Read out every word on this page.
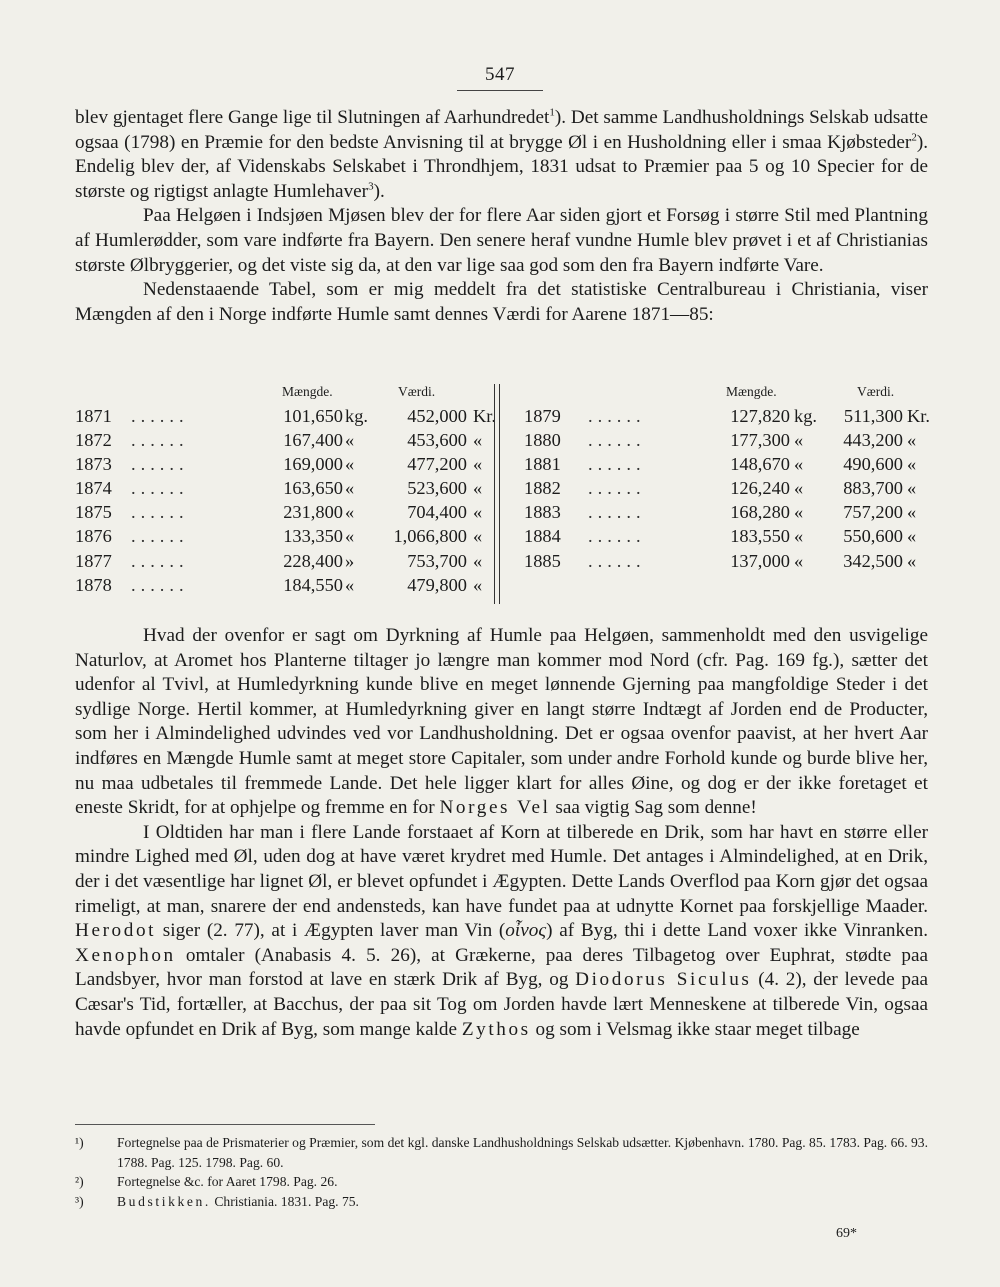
547

blev gjentaget flere Gange lige til Slutningen af Aarhundredet$^1$). Det samme Landhusholdnings Selskab udsatte ogsaa (1798) en Præmie for den bedste Anvisning til at brygge Øl i en Husholdning eller i smaa Kjøbsteder$^2$). Endelig blev der, af Videnskabs Selskabet i Throndhjem, 1831 udsat to Præmier paa 5 og 10 Specier for de største og rigtigst anlagte Humlehaver$^3$).

Paa Helgøen i Indsjøen Mjøsen blev der for flere Aar siden gjort et Forsøg i større Stil med Plantning af Humlerødder, som vare indførte fra Bayern. Den senere heraf vundne Humle blev prøvet i et af Christianias største Ølbryggerier, og det viste sig da, at den var lige saa god som den fra Bayern indførte Vare.

Nedenstaaende Tabel, som er mig meddelt fra det statistiske Centralbureau i Christiania, viser Mængden af den i Norge indførte Humle samt dennes Værdi for Aarene 1871—85:

Mængde.	Værdi.
1871 ......	101,650 kg. 452,000 Kr.
1872 ......	167,400 «	453,600 «
1873 ......	169,000 «	477,200 «
1874 ......	163,650 «	523,600 «
1875 ......	231,800 «	704,400 «
1876 ......	133,350 « 1,066,800 «
1877 ......	228,400 »	753,700 «
1878 ......	184,550 «	479,800 «
Mængde.	Værdi.
1879 ......	127,820 kg. 511,300 Kr.
1880 ......	177,300 « 443,200 «
1881 ......	148,670 « 490,600 «
1882 ......	126,240 « 883,700 «
1883 ......	168,280 « 757,200 «
1884 ......	183,550 « 550,600 «
1885 ......	137,000 « 342,500 «

Hvad der ovenfor er sagt om Dyrkning af Humle paa Helgøen, sammenholdt med den usvigelige Naturlov, at Aromet hos Planterne tiltager jo længre man kommer mod Nord (cfr. Pag. 169 fg.), sætter det udenfor al Tvivl, at Humledyrkning kunde blive en meget lønnende Gjerning paa mangfoldige Steder i det sydlige Norge. Hertil kommer, at Humledyrkning giver en langt større Indtægt af Jorden end de Producter, som her i Almindelighed udvindes ved vor Landhusholdning. Det er ogsaa ovenfor paavist, at her hvert Aar indføres en Mængde Humle samt at meget store Capitaler, som under andre Forhold kunde og burde blive her, nu maa udbetales til fremmede Lande. Det hele ligger klart for alles Øine, og dog er der ikke foretaget et eneste Skridt, for at ophjelpe og fremme en for Norges Vel saa vigtig Sag som denne!

I Oldtiden har man i flere Lande forstaaet af Korn at tilberede en Drik, som har havt en større eller mindre Lighed med Øl, uden dog at have været krydret med Humle. Det antages i Almindelighed, at en Drik, der i det væsentlige har lignet Øl, er blevet opfundet i Ægypten. Dette Lands Overflod paa Korn gjør det ogsaa rimeligt, at man, snarere der end andensteds, kan have fundet paa at udnytte Kornet paa forskjellige Maader. Herodot siger (2. 77), at i Ægypten laver man Vin (οἶνος) af Byg, thi i dette Land voxer ikke Vinranken. Xenophon omtaler (Anabasis 4. 5. 26), at Grækerne, paa deres Tilbagetog over Euphrat, stødte paa Landsbyer, hvor man forstod at lave en stærk Drik af Byg, og Diodorus Siculus (4. 2), der levede paa Cæsar's Tid, fortæller, at Bacchus, der paa sit Tog om Jorden havde lært Menneskene at tilberede Vin, ogsaa havde opfundet en Drik af Byg, som mange kalde Zythos og som i Velsmag ikke staar meget tilbage

¹) Fortegnelse paa de Prismaterier og Præmier, som det kgl. danske Landhusholdnings Selskab udsætter. Kjøbenhavn. 1780. Pag. 85. 1783. Pag. 66. 93. 1788. Pag. 125. 1798. Pag. 60.
²) Fortegnelse &c. for Aaret 1798. Pag. 26.
³) Budstikken. Christiania. 1831. Pag. 75.
69*
